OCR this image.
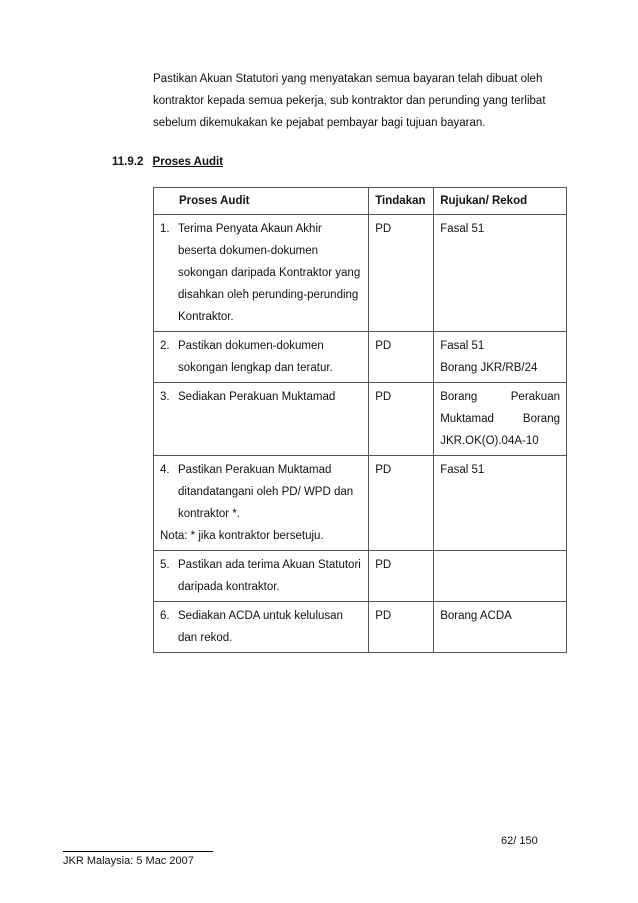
Pastikan Akuan Statutori yang menyatakan semua bayaran telah dibuat oleh

kontraktor kepada semua pekerja, sub kontraktor dan perunding yang terlibat

sebelum dikemukakan ke pejabat pembayar bagi tujuan bayaran.

11.9.2 Proses Audit
Proses Audit	Tindakan	Rujukan/ Rekod

1. Terima Penyata Akaun Akhir
beserta dokumen-dokumen
sokongan daripada Kontraktor yang
disahkan oleh perunding-perunding
Kontraktor.	PD	Fasal 51

2. Pastikan dokumen-dokumen
sokongan lengkap dan teratur.	PD	Fasal 51
Borang JKR/RB/24

3. Sediakan Perakuan Muktamad	PD	Borang Perakuan
Muktamad Borang
JKR.OK(O).04A-10

4. Pastikan Perakuan Muktamad
ditandatangani oleh PD/ WPD dan
kontraktor *.
Nota: * jika kontraktor bersetuju.	PD	Fasal 51

5. Pastikan ada terima Akuan Statutori
daripada kontraktor.	PD	

6. Sediakan ACDA untuk kelulusan
dan rekod.	PD	Borang ACDA
62/ 150
JKR Malaysia: 5 Mac 2007
